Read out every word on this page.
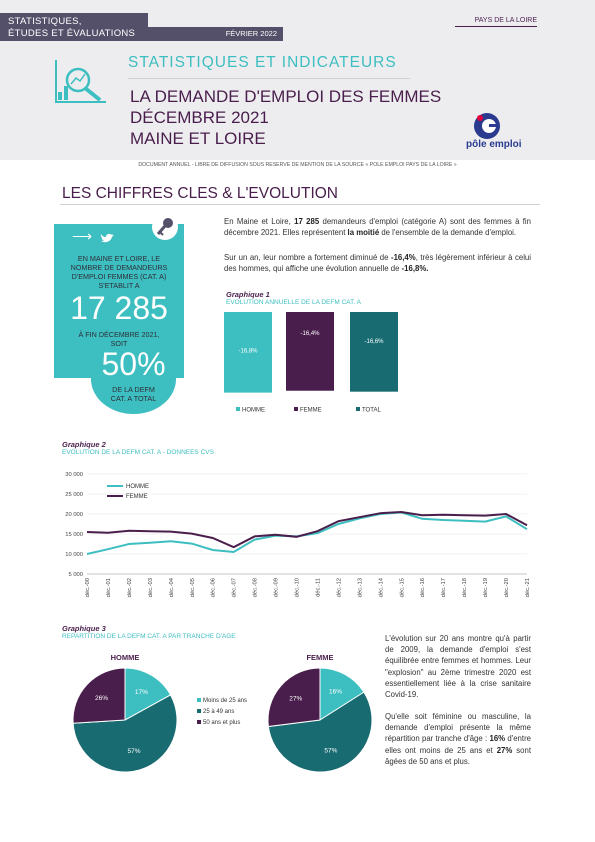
STATISTIQUES,
ÉTUDES ET ÉVALUATIONS	FÉVRIER 2022
PAYS DE LA LOIRE
STATISTIQUES ET INDICATEURS
LA DEMANDE D'EMPLOI DES FEMMES
DÉCEMBRE 2021
MAINE ET LOIRE	pôle emploi
DOCUMENT ANNUEL - LIBRE DE DIFFUSION SOUS RESERVE DE MENTION DE LA SOURCE « POLE EMPLOI PAYS DE LA LOIRE »
LES CHIFFRES CLES & L'EVOLUTION
⟶
EN MAINE ET LOIRE, LE
NOMBRE DE DEMANDEURS
D'EMPLOI FEMMES (CAT. A)
S'ETABLIT A
17 285
À FIN DÉCEMBRE 2021,
SOIT
50%
DE LA DEFM
CAT. A TOTAL
En Maine et Loire, 17 285 demandeurs d'emploi (catégorie A) sont des femmes à fin décembre 2021. Elles représentent la moitié de l'ensemble de la demande d'emploi.
Sur un an, leur nombre a fortement diminué de -16,4%, très légèrement inférieur à celui des hommes, qui affiche une évolution annuelle de -16,8%.
Graphique 1
EVOLUTION ANNUELLE DE LA DEFM CAT. A
-16,8%
-16,4%
-16,6%
HOMME	FEMME	TOTAL
Graphique 2
EVOLUTION DE LA DEFM CAT. A - DONNEES CVS
5 000
10 000
15 000
20 000
25 000
30 000
déc.-00	déc.-01	déc.-02	déc.-03	déc.-04	déc.-05	déc.-06	déc.-07	déc.-08	déc.-09	déc.-10	déc.-11	déc.-12	déc.-13	déc.-14	déc.-15	déc.-16	déc.-17	déc.-18	déc.-19	déc.-20	déc.-21
HOMME
FEMME
Graphique 3
REPARTITION DE LA DEFM CAT. A PAR TRANCHE D'AGE
HOMME
17%
57%
26%
FEMME
16%
57%
27%
Moins de 25 ans
25 à 49 ans
50 ans et plus
L'évolution sur 20 ans montre qu'à partir de 2009, la demande d'emploi s'est équilibrée entre femmes et hommes. Leur "explosion" au 2ème trimestre 2020 est essentiellement liée à la crise sanitaire Covid-19.
Qu'elle soit féminine ou masculine, la demande d'emploi présente la même répartition par tranche d'âge : 16% d'entre elles ont moins de 25 ans et 27% sont âgées de 50 ans et plus.
